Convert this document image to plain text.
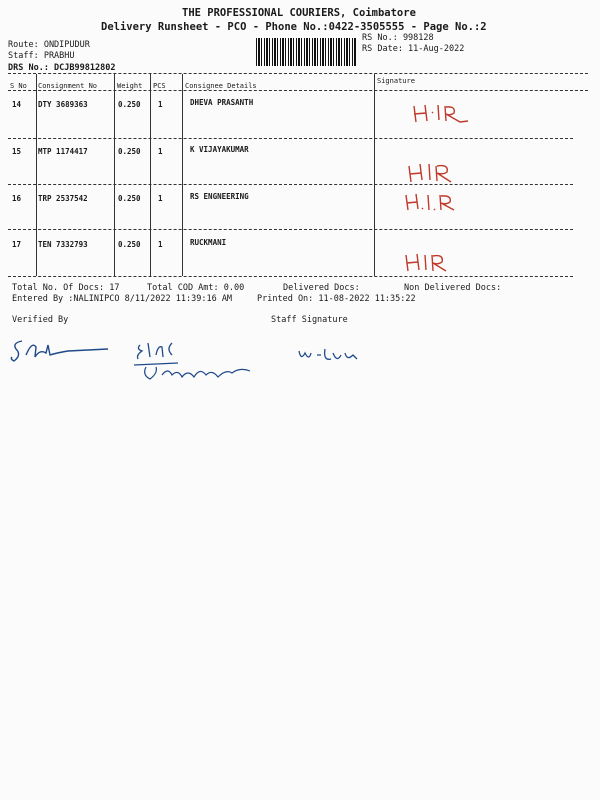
THE PROFESSIONAL COURIERS, Coimbatore
Delivery Runsheet - PCO - Phone No.:0422-3505555 - Page No.:2
Route: ONDIPUDUR
Staff: PRABHU
DRS No.: DCJB99812802
RS No.: 998128
RS Date: 11-Aug-2022
S No Consignment No	Weight PCS	Consignee Details
Signature
14 DTY 3689363	0.250 1	DHEVA PRASANTH
15 MTP 1174417	0.250 1	K VIJAYAKUMAR
16 TRP 2537542	0.250 1	RS ENGNEERING
17 TEN 7332793	0.250 1	RUCKMANI
Total No. Of Docs: 17	Total COD Amt: 0.00	Delivered Docs:	Non Delivered Docs:
Entered By :NALINIPCO 8/11/2022 11:39:16 AM	Printed On: 11-08-2022 11:35:22
Verified By	Staff Signature
